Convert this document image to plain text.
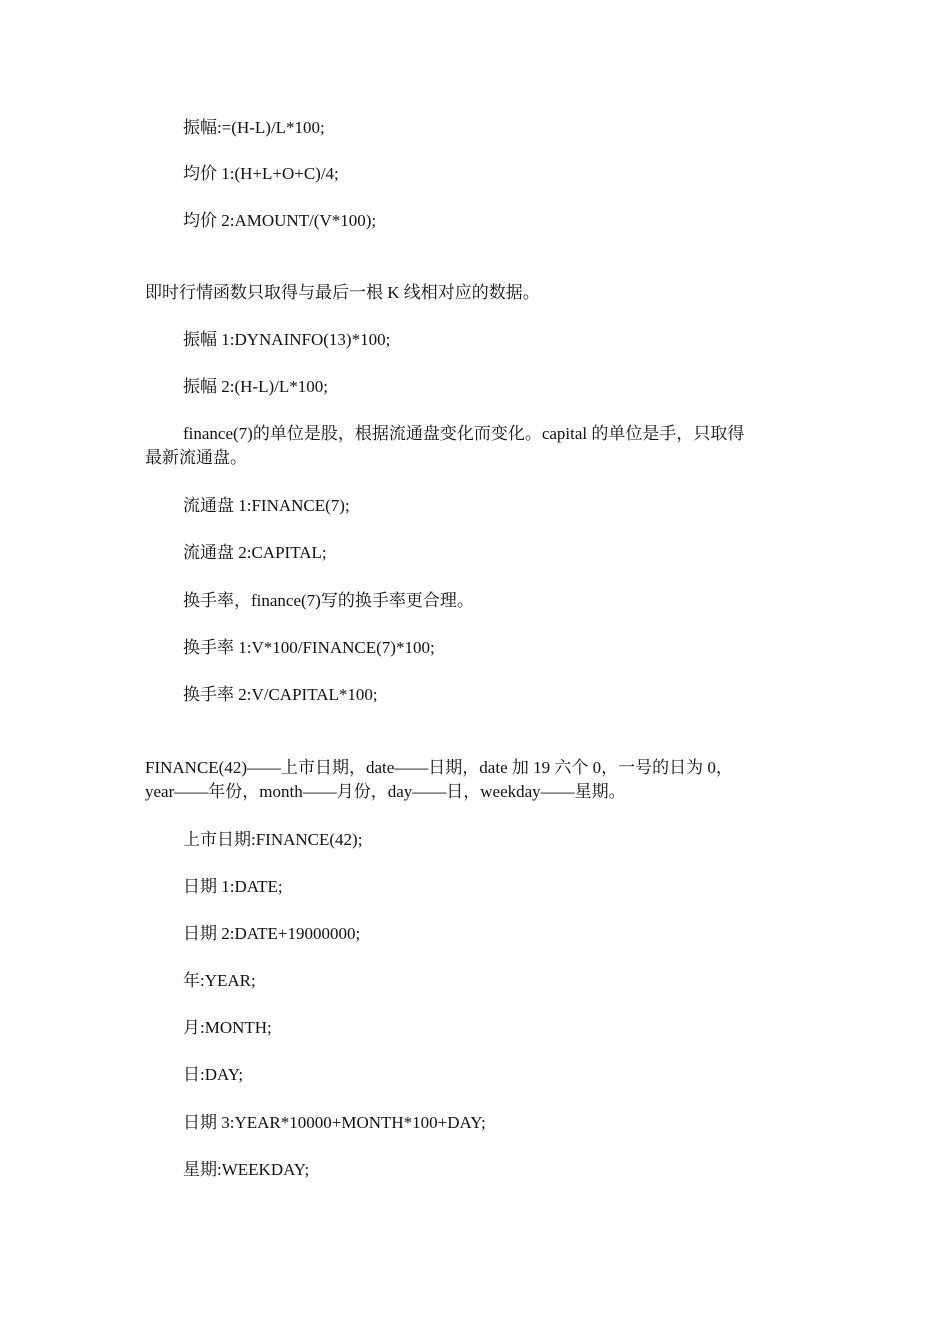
振幅:=(H-L)/L*100;
均价 1:(H+L+O+C)/4;
均价 2:AMOUNT/(V*100);
即时行情函数只取得与最后一根 K 线相对应的数据。
振幅 1:DYNAINFO(13)*100;
振幅 2:(H-L)/L*100;
finance(7)的单位是股，根据流通盘变化而变化。capital 的单位是手，只取得
最新流通盘。
流通盘 1:FINANCE(7);
流通盘 2:CAPITAL;
换手率，finance(7)写的换手率更合理。
换手率 1:V*100/FINANCE(7)*100;
换手率 2:V/CAPITAL*100;
FINANCE(42)——上市日期，date——日期，date 加 19 六个 0，一号的日为 0，
year——年份，month——月份，day——日，weekday——星期。
上市日期:FINANCE(42);
日期 1:DATE;
日期 2:DATE+19000000;
年:YEAR;
月:MONTH;
日:DAY;
日期 3:YEAR*10000+MONTH*100+DAY;
星期:WEEKDAY;
